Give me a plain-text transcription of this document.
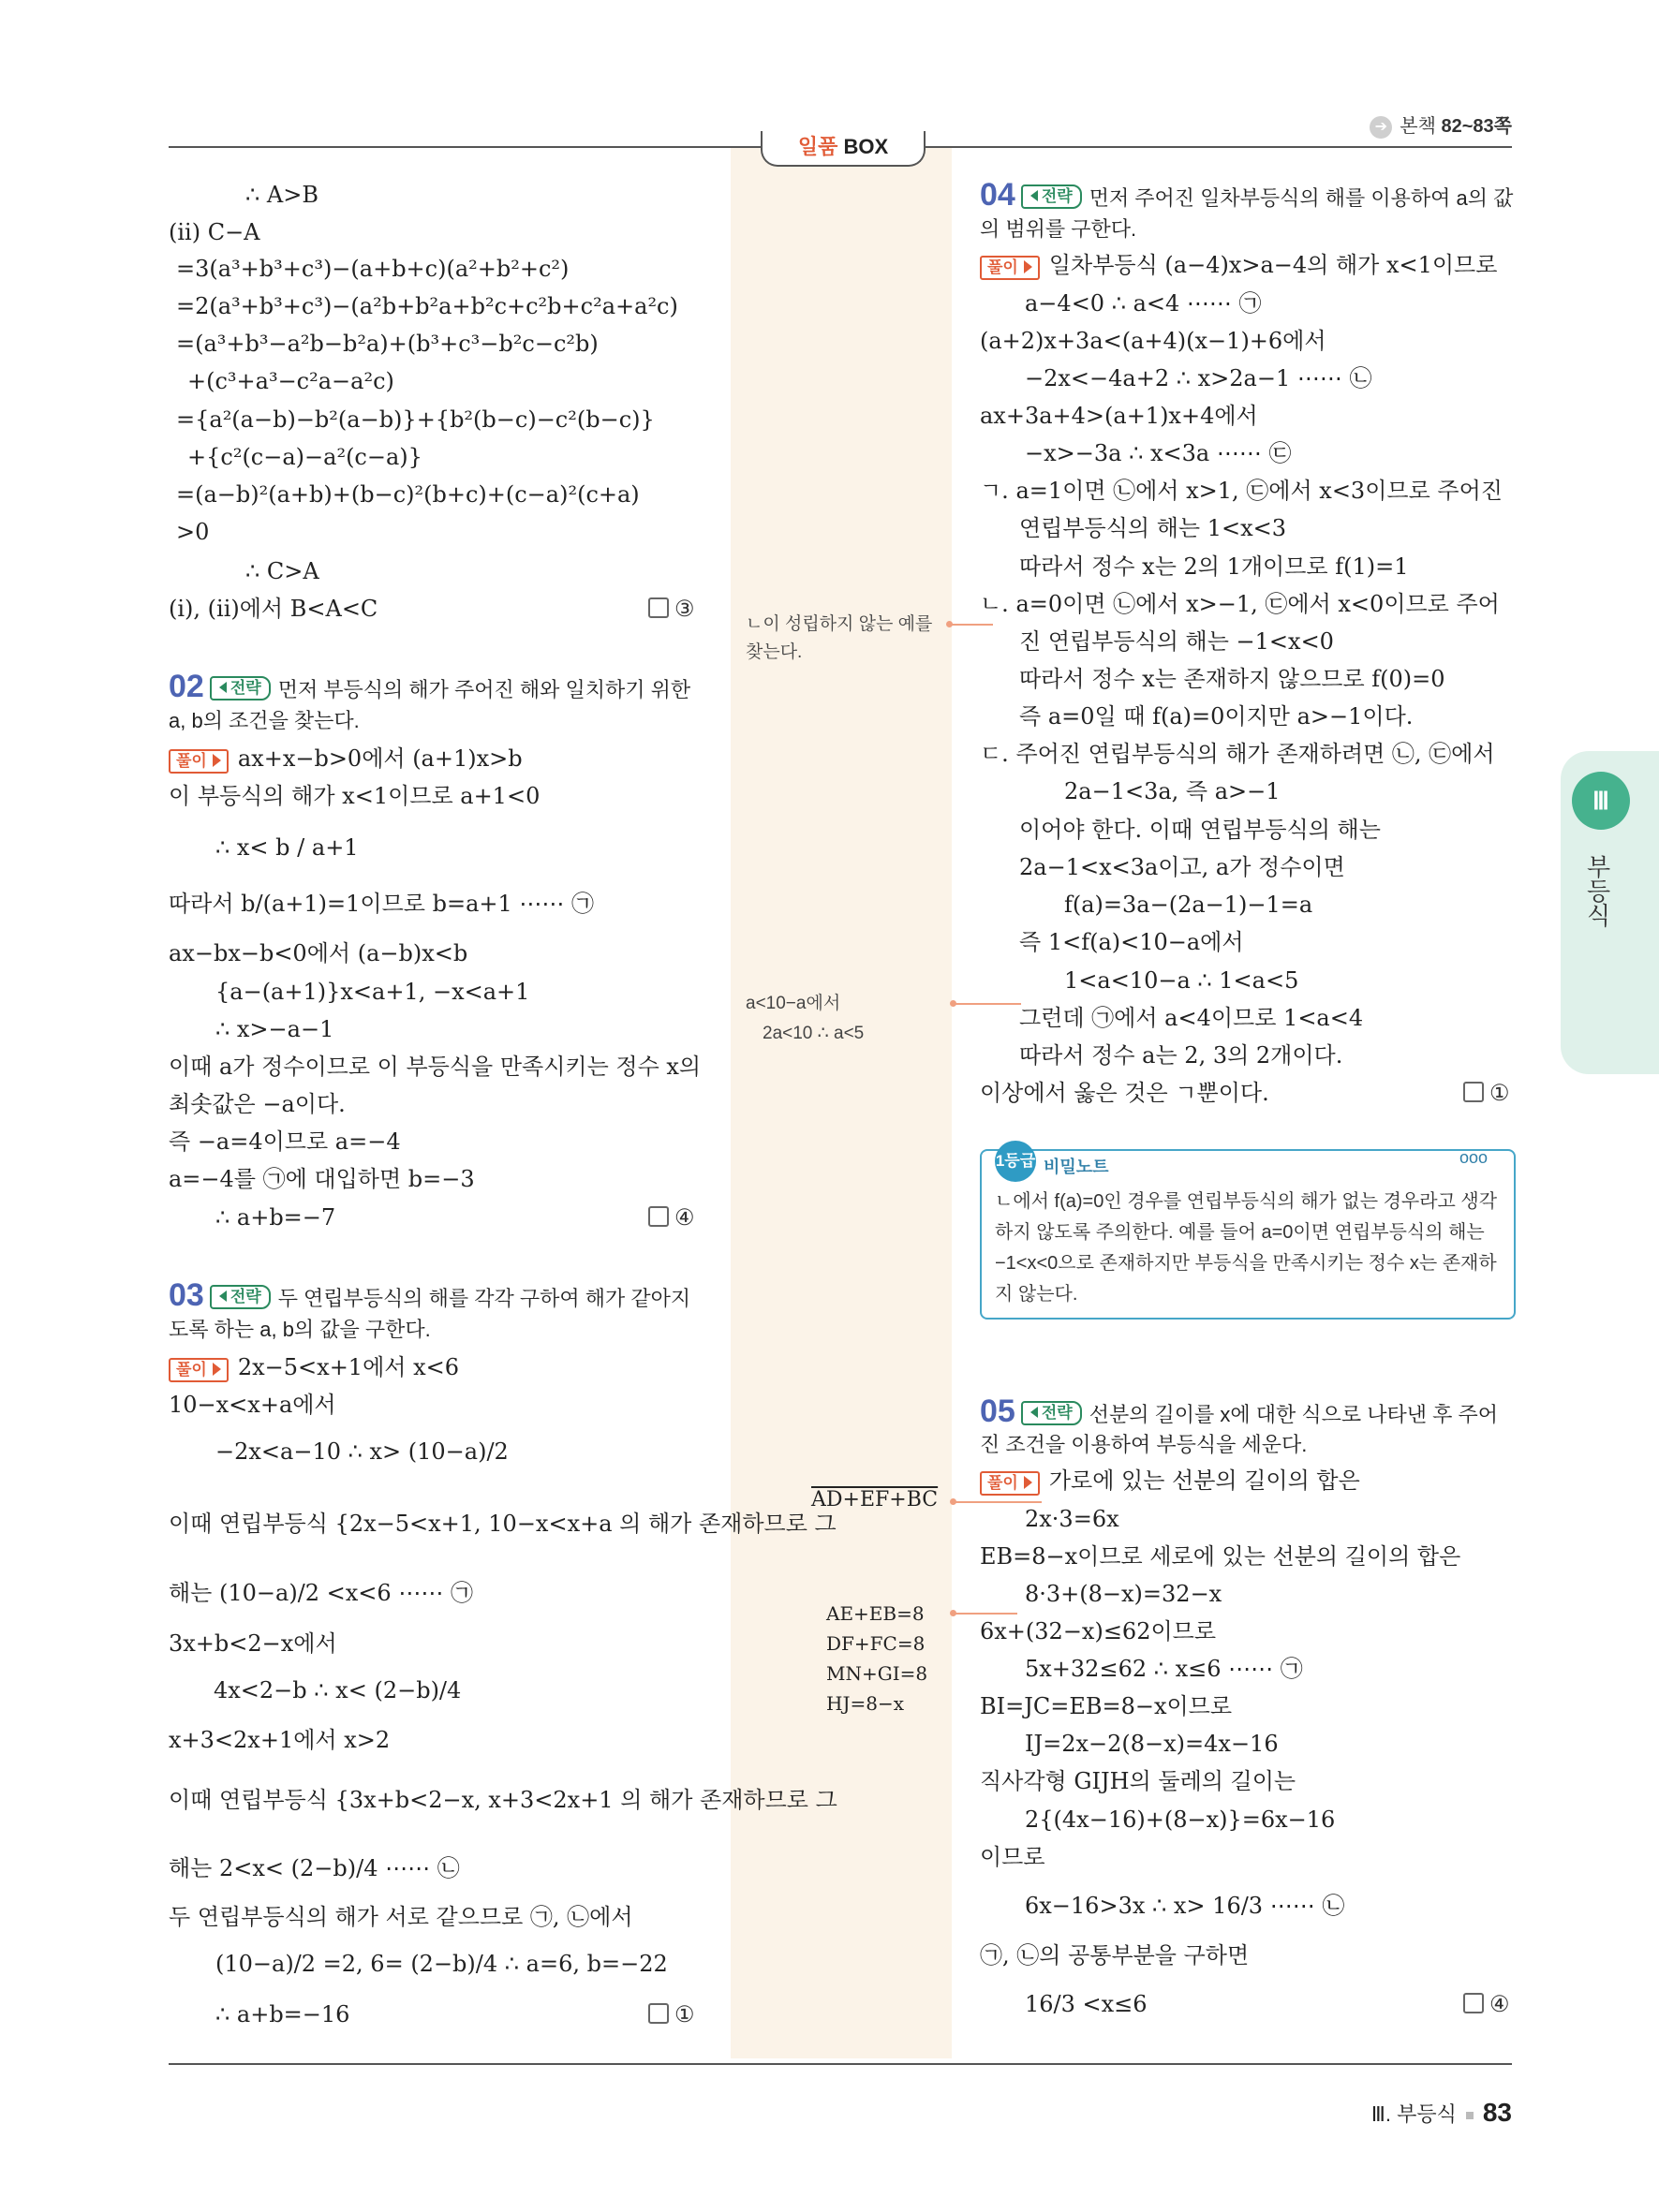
➔ 본책 82~83쪽
일품 BOX
Ⅲ. 부등식 83
Ⅲ
부등식
∴ A>B
(ii) C−A
=3(a³+b³+c³)−(a+b+c)(a²+b²+c²)
=2(a³+b³+c³)−(a²b+b²a+b²c+c²b+c²a+a²c)
=(a³+b³−a²b−b²a)+(b³+c³−b²c−c²b)
+(c³+a³−c²a−a²c)
={a²(a−b)−b²(a−b)}+{b²(b−c)−c²(b−c)}
+{c²(c−a)−a²(c−a)}
=(a−b)²(a+b)+(b−c)²(b+c)+(c−a)²(c+a)
>0
∴ C>A
(i), (ii)에서 B<A<C	③
02 전략 먼저 부등식의 해가 주어진 해와 일치하기 위한
a, b의 조건을 찾는다.
풀이 ax+x−b>0에서 (a+1)x>b
이 부등식의 해가 x<1이므로 a+1<0
∴ x< b / a+1
따라서 b/(a+1)=1이므로 b=a+1 ⋯⋯ ㉠
ax−bx−b<0에서 (a−b)x<b
{a−(a+1)}x<a+1, −x<a+1
∴ x>−a−1
이때 a가 정수이므로 이 부등식을 만족시키는 정수 x의
최솟값은 −a이다.
즉 −a=4이므로 a=−4
a=−4를 ㉠에 대입하면 b=−3
∴ a+b=−7	④
03 전략 두 연립부등식의 해를 각각 구하여 해가 같아지
도록 하는 a, b의 값을 구한다.
풀이 2x−5<x+1에서 x<6
10−x<x+a에서
−2x<a−10 ∴ x> (10−a)/2
이때 연립부등식 {2x−5<x+1, 10−x<x+a 의 해가 존재하므로 그
해는 (10−a)/2 <x<6 ⋯⋯ ㉠
3x+b<2−x에서
4x<2−b ∴ x< (2−b)/4
x+3<2x+1에서 x>2
이때 연립부등식 {3x+b<2−x, x+3<2x+1 의 해가 존재하므로 그
해는 2<x< (2−b)/4 ⋯⋯ ㉡
두 연립부등식의 해가 서로 같으므로 ㉠, ㉡에서
(10−a)/2 =2, 6= (2−b)/4 ∴ a=6, b=−22
∴ a+b=−16	①
ㄴ이 성립하지 않는 예를
찾는다.
a<10−a에서
2a<10 ∴ a<5
AD+EF+BC
AE+EB=8
DF+FC=8
MN+GI=8
HJ=8−x
04 전략 먼저 주어진 일차부등식의 해를 이용하여 a의 값
의 범위를 구한다.
풀이 일차부등식 (a−4)x>a−4의 해가 x<1이므로
a−4<0 ∴ a<4 ⋯⋯ ㉠
(a+2)x+3a<(a+4)(x−1)+6에서
−2x<−4a+2 ∴ x>2a−1 ⋯⋯ ㉡
ax+3a+4>(a+1)x+4에서
−x>−3a ∴ x<3a ⋯⋯ ㉢
ㄱ. a=1이면 ㉡에서 x>1, ㉢에서 x<3이므로 주어진
연립부등식의 해는 1<x<3
따라서 정수 x는 2의 1개이므로 f(1)=1
ㄴ. a=0이면 ㉡에서 x>−1, ㉢에서 x<0이므로 주어
진 연립부등식의 해는 −1<x<0
따라서 정수 x는 존재하지 않으므로 f(0)=0
즉 a=0일 때 f(a)=0이지만 a>−1이다.
ㄷ. 주어진 연립부등식의 해가 존재하려면 ㉡, ㉢에서
2a−1<3a, 즉 a>−1
이어야 한다. 이때 연립부등식의 해는
2a−1<x<3a이고, a가 정수이면
f(a)=3a−(2a−1)−1=a
즉 1<f(a)<10−a에서
1<a<10−a ∴ 1<a<5
그런데 ㉠에서 a<4이므로 1<a<4
따라서 정수 a는 2, 3의 2개이다.
이상에서 옳은 것은 ㄱ뿐이다.	①
1등급 비밀노트	ooo
ㄴ에서 f(a)=0인 경우를 연립부등식의 해가 없는 경우라고 생각하지 않도록 주의한다. 예를 들어 a=0이면 연립부등식의 해는 −1<x<0으로 존재하지만 부등식을 만족시키는 정수 x는 존재하지 않는다.
05 전략 선분의 길이를 x에 대한 식으로 나타낸 후 주어
진 조건을 이용하여 부등식을 세운다.
풀이 가로에 있는 선분의 길이의 합은
2x·3=6x
EB=8−x이므로 세로에 있는 선분의 길이의 합은
8·3+(8−x)=32−x
6x+(32−x)≤62이므로
5x+32≤62 ∴ x≤6 ⋯⋯ ㉠
BI=JC=EB=8−x이므로
IJ=2x−2(8−x)=4x−16
직사각형 GIJH의 둘레의 길이는
2{(4x−16)+(8−x)}=6x−16
이므로
6x−16>3x ∴ x> 16/3 ⋯⋯ ㉡
㉠, ㉡의 공통부분을 구하면
16/3 <x≤6	④
